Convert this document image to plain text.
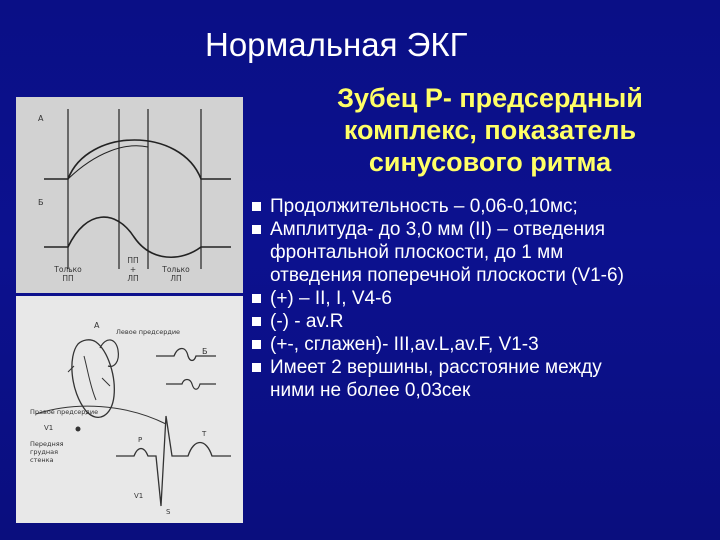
Нормальная ЭКГ
Зубец Р- предсердный
комплекс, показатель
синусового ритма
А
Б
Только
ПП
ПП
+
ЛП
Только
ЛП
А
Левое предсердие
Б
Правое предсердие
V1
P
T
S
V1
Передняя
грудная
стенка
Продолжительность – 0,06-0,10мс;
Амплитуда- до 3,0 мм (II) – отведения
фронтальной плоскости, до 1 мм
отведения поперечной плоскости (V1-6)
(+) – II, I, V4-6
(-) - av.R
(+-, сглажен)- III,av.L,av.F, V1-3
Имеет 2 вершины, расстояние между
ними не более 0,03сек
